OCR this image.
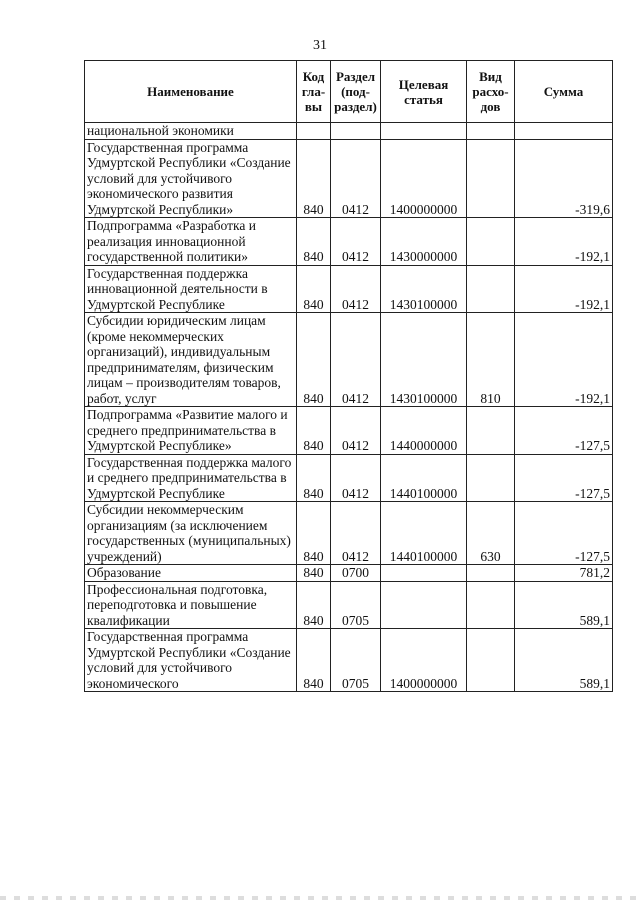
31
Наименование	Код гла-вы	Раздел (под-раздел)	Целевая статья	Вид расхо-дов	Сумма
национальной экономики					
Государственная программа Удмуртской Республики «Создание условий для устойчивого экономического развития Удмуртской Республики»	840	0412	1400000000		-319,6
Подпрограмма «Разработка и реализация инновационной государственной политики»	840	0412	1430000000		-192,1
Государственная поддержка инновационной деятельности в Удмуртской Республике	840	0412	1430100000		-192,1
Субсидии юридическим лицам (кроме некоммерческих организаций), индивидуальным предпринимателям, физическим лицам – производителям товаров, работ, услуг	840	0412	1430100000	810	-192,1
Подпрограмма «Развитие малого и среднего предпринимательства в Удмуртской Республике»	840	0412	1440000000		-127,5
Государственная поддержка малого и среднего предпринимательства в Удмуртской Республике	840	0412	1440100000		-127,5
Субсидии некоммерческим организациям (за исключением государственных (муниципальных) учреждений)	840	0412	1440100000	630	-127,5
Образование	840	0700			781,2
Профессиональная подготовка, переподготовка и повышение квалификации	840	0705			589,1
Государственная программа Удмуртской Республики «Создание условий для устойчивого экономического	840	0705	1400000000		589,1
